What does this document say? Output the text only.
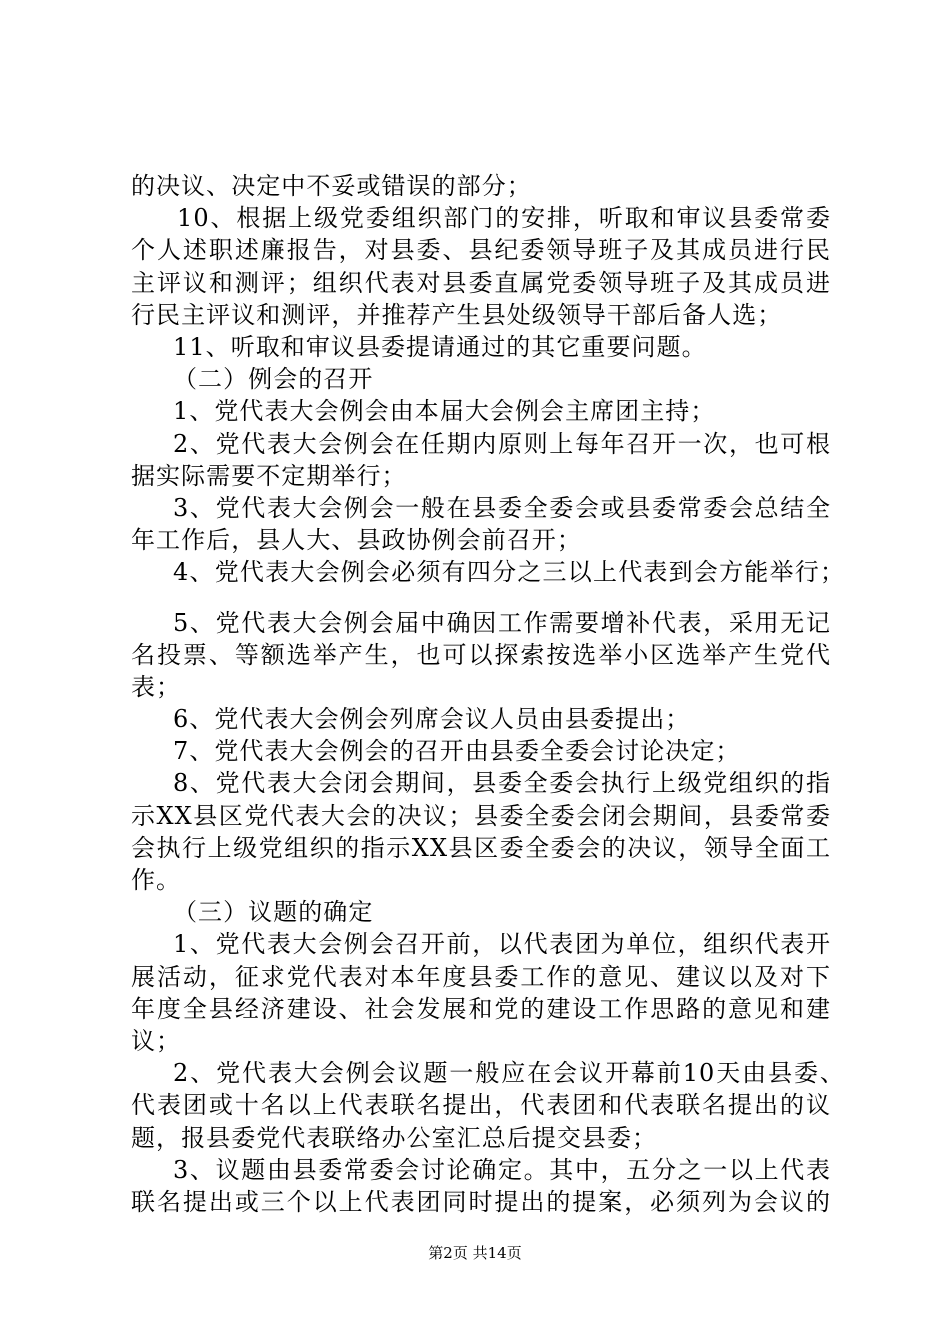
的决议、决定中不妥或错误的部分；
10、根据上级党委组织部门的安排，听取和审议县委常委
个人述职述廉报告，对县委、县纪委领导班子及其成员进行民
主评议和测评；组织代表对县委直属党委领导班子及其成员进
行民主评议和测评，并推荐产生县处级领导干部后备人选；
11、听取和审议县委提请通过的其它重要问题。
（二）例会的召开
1、党代表大会例会由本届大会例会主席团主持；
2、党代表大会例会在任期内原则上每年召开一次，也可根
据实际需要不定期举行；
3、党代表大会例会一般在县委全委会或县委常委会总结全
年工作后，县人大、县政协例会前召开；
4、党代表大会例会必须有四分之三以上代表到会方能举行；
5、党代表大会例会届中确因工作需要增补代表，采用无记
名投票、等额选举产生，也可以探索按选举小区选举产生党代
表；
6、党代表大会例会列席会议人员由县委提出；
7、党代表大会例会的召开由县委全委会讨论决定；
8、党代表大会闭会期间，县委全委会执行上级党组织的指
示XX县区党代表大会的决议；县委全委会闭会期间，县委常委
会执行上级党组织的指示XX县区委全委会的决议，领导全面工
作。
（三）议题的确定
1、党代表大会例会召开前，以代表团为单位，组织代表开
展活动，征求党代表对本年度县委工作的意见、建议以及对下
年度全县经济建设、社会发展和党的建设工作思路的意见和建
议；
2、党代表大会例会议题一般应在会议开幕前10天由县委、
代表团或十名以上代表联名提出，代表团和代表联名提出的议
题，报县委党代表联络办公室汇总后提交县委；
3、议题由县委常委会讨论确定。其中，五分之一以上代表
联名提出或三个以上代表团同时提出的提案，必须列为会议的
第2页 共14页
